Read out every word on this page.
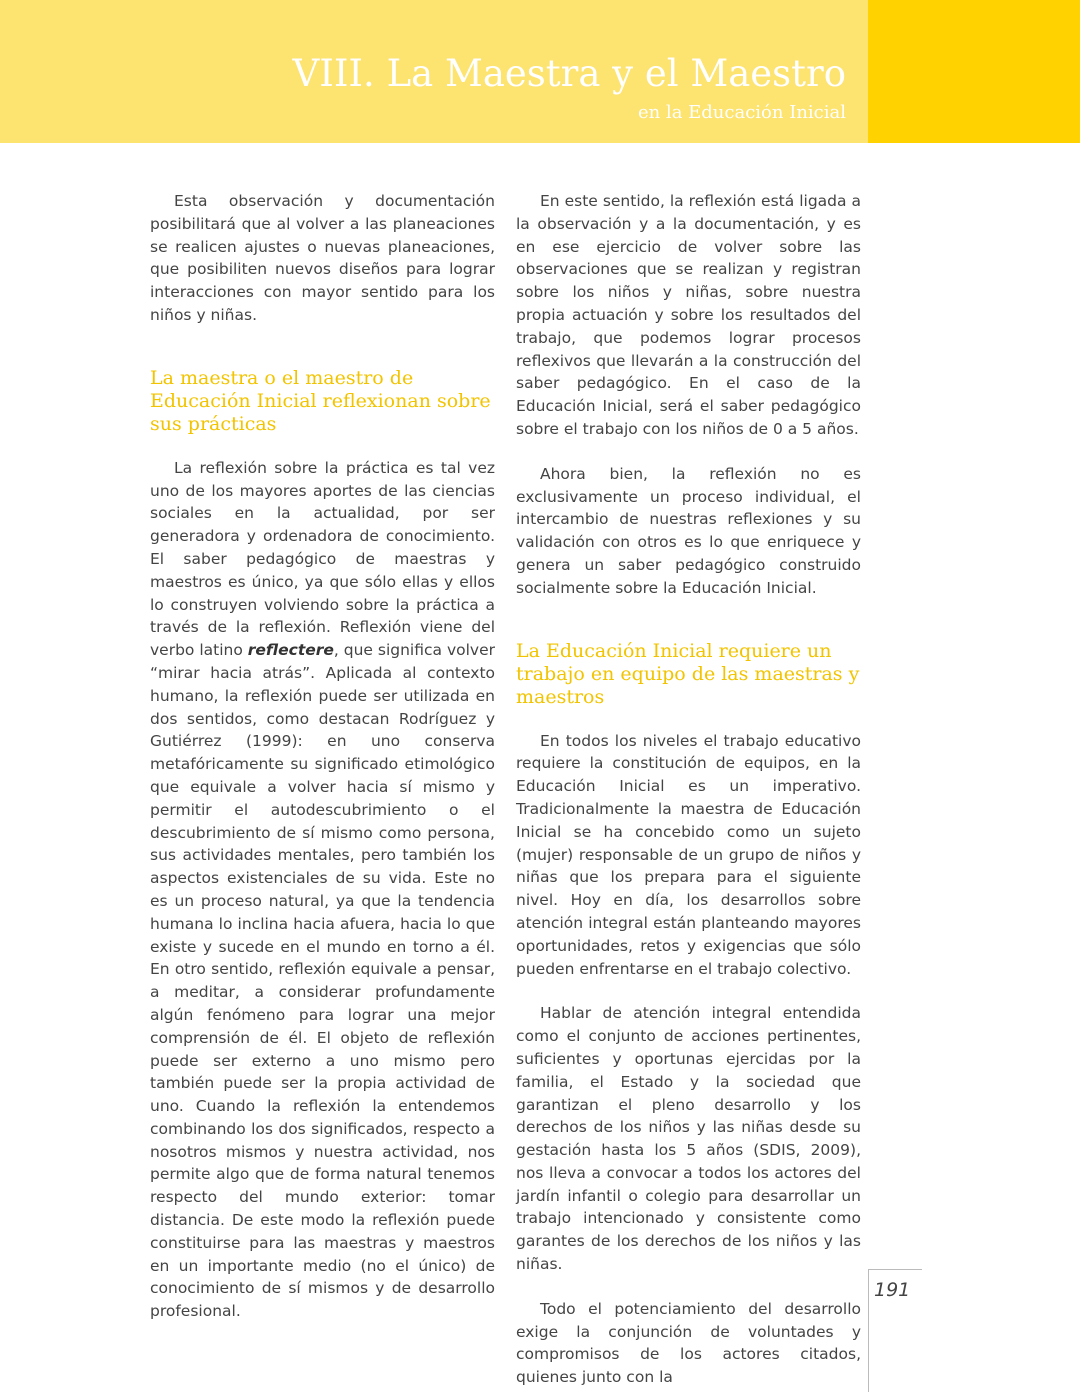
VIII. La Maestra y el Maestro
en la Educación Inicial

Esta observación y documentación posibilitará que al volver a las planeaciones se realicen ajustes o nuevas planeaciones, que posibiliten nuevos diseños para lograr interacciones con mayor sentido para los niños y niñas.

La maestra o el maestro de Educación Inicial reflexionan sobre sus prácticas

La reflexión sobre la práctica es tal vez uno de los mayores aportes de las ciencias sociales en la actualidad, por ser generadora y ordenadora de conocimiento. El saber pedagógico de maestras y maestros es único, ya que sólo ellas y ellos lo construyen volviendo sobre la práctica a través de la reflexión. Reflexión viene del verbo latino reflectere, que significa volver “mirar hacia atrás”. Aplicada al contexto humano, la reflexión puede ser utilizada en dos sentidos, como destacan Rodríguez y Gutiérrez (1999): en uno conserva metafóricamente su significado etimológico que equivale a volver hacia sí mismo y permitir el autodescubrimiento o el descubrimiento de sí mismo como persona, sus actividades mentales, pero también los aspectos existenciales de su vida. Este no es un proceso natural, ya que la tendencia humana lo inclina hacia afuera, hacia lo que existe y sucede en el mundo en torno a él. En otro sentido, reflexión equivale a pensar, a meditar, a considerar profundamente algún fenómeno para lograr una mejor comprensión de él. El objeto de reflexión puede ser externo a uno mismo pero también puede ser la propia actividad de uno. Cuando la reflexión la entendemos combinando los dos significados, respecto a nosotros mismos y nuestra actividad, nos permite algo que de forma natural tenemos respecto del mundo exterior: tomar distancia. De este modo la reflexión puede constituirse para las maestras y maestros en un importante medio (no el único) de conocimiento de sí mismos y de desarrollo profesional.

En este sentido, la reflexión está ligada a la observación y a la documentación, y es en ese ejercicio de volver sobre las observaciones que se realizan y registran sobre los niños y niñas, sobre nuestra propia actuación y sobre los resultados del trabajo, que podemos lograr procesos reflexivos que llevarán a la construcción del saber pedagógico. En el caso de la Educación Inicial, será el saber pedagógico sobre el trabajo con los niños de 0 a 5 años.

Ahora bien, la reflexión no es exclusivamente un proceso individual, el intercambio de nuestras reflexiones y su validación con otros es lo que enriquece y genera un saber pedagógico construido socialmente sobre la Educación Inicial.

La Educación Inicial requiere un trabajo en equipo de las maestras y maestros

En todos los niveles el trabajo educativo requiere la constitución de equipos, en la Educación Inicial es un imperativo. Tradicionalmente la maestra de Educación Inicial se ha concebido como un sujeto (mujer) responsable de un grupo de niños y niñas que los prepara para el siguiente nivel. Hoy en día, los desarrollos sobre atención integral están planteando mayores oportunidades, retos y exigencias que sólo pueden enfrentarse en el trabajo colectivo.

Hablar de atención integral entendida como el conjunto de acciones pertinentes, suficientes y oportunas ejercidas por la familia, el Estado y la sociedad que garantizan el pleno desarrollo y los derechos de los niños y las niñas desde su gestación hasta los 5 años (SDIS, 2009), nos lleva a convocar a todos los actores del jardín infantil o colegio para desarrollar un trabajo intencionado y consistente como garantes de los derechos de los niños y las niñas.

Todo el potenciamiento del desarrollo exige la conjunción de voluntades y compromisos de los actores citados, quienes junto con la

191
